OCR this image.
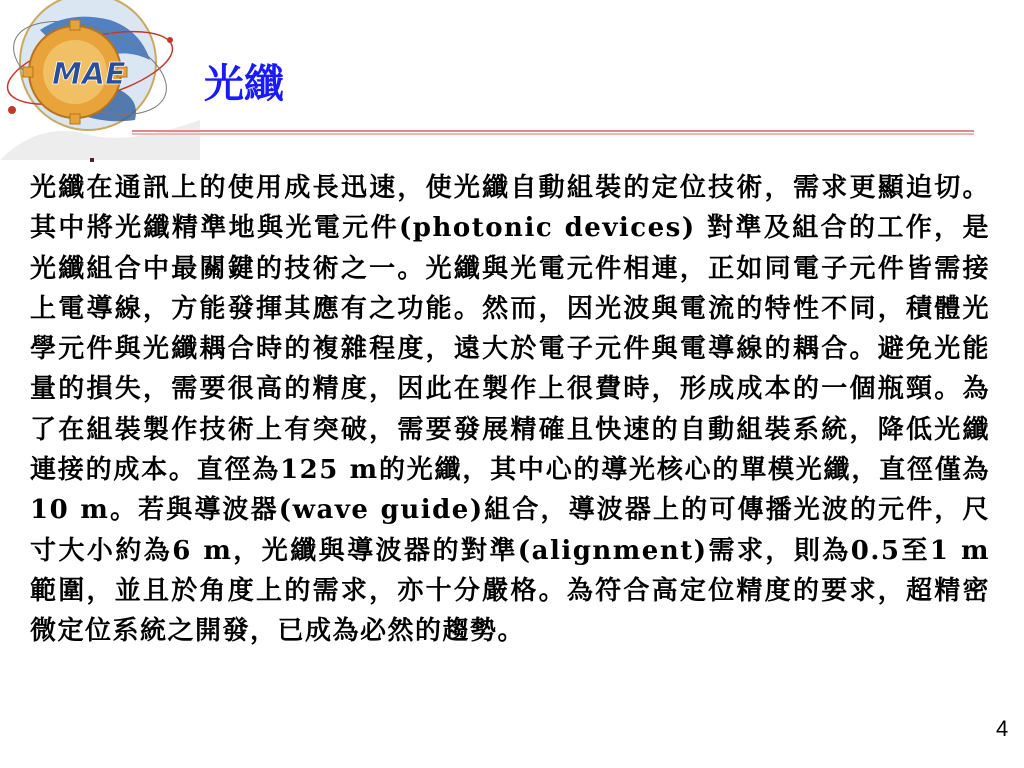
MAE 光纖
光纖在通訊上的使用成長迅速，使光纖自動組裝的定位技術，需求更顯迫切。其中將光纖精準地與光電元件(photonic devices) 對準及組合的工作，是光纖組合中最關鍵的技術之一。光纖與光電元件相連，正如同電子元件皆需接上電導線，方能發揮其應有之功能。然而，因光波與電流的特性不同，積體光學元件與光纖耦合時的複雜程度，遠大於電子元件與電導線的耦合。避免光能量的損失，需要很高的精度，因此在製作上很費時，形成成本的一個瓶頸。為了在組裝製作技術上有突破，需要發展精確且快速的自動組裝系統，降低光纖連接的成本。直徑為125 m的光纖，其中心的導光核心的單模光纖，直徑僅為10 m。若與導波器(wave guide)組合，導波器上的可傳播光波的元件，尺寸大小約為6 m，光纖與導波器的對準(alignment)需求，則為0.5至1 m範圍，並且於角度上的需求，亦十分嚴格。為符合高定位精度的要求，超精密微定位系統之開發，已成為必然的趨勢。
4
